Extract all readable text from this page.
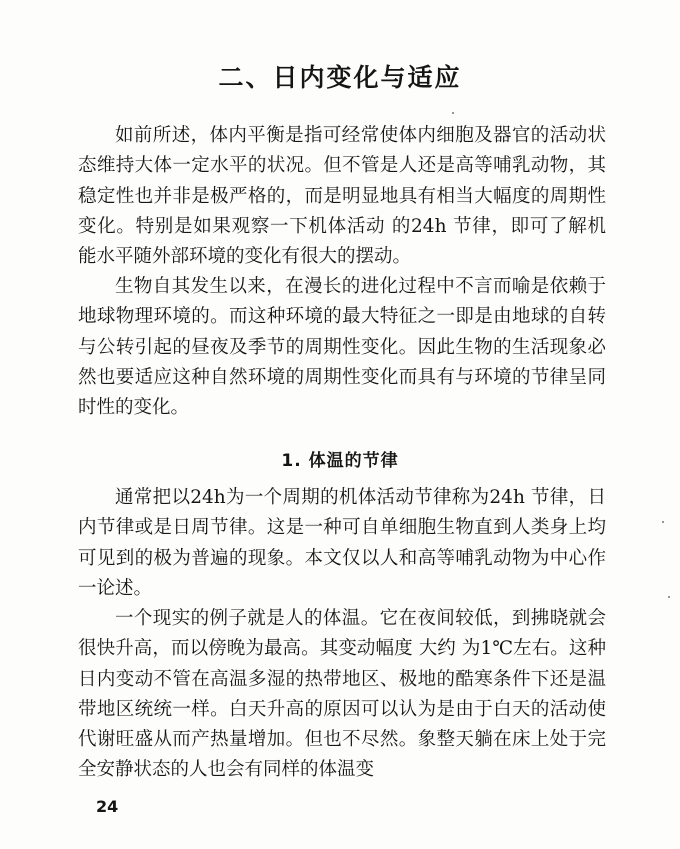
二、日内变化与适应

如前所述，体内平衡是指可经常使体内细胞及器官的活动状态维持大体一定水平的状况。但不管是人还是高等哺乳动物，其稳定性也并非是极严格的，而是明显地具有相当大幅度的周期性变化。特别是如果观察一下机体活动 的24h 节律，即可了解机能水平随外部环境的变化有很大的摆动。

生物自其发生以来，在漫长的进化过程中不言而喻是依赖于地球物理环境的。而这种环境的最大特征之一即是由地球的自转与公转引起的昼夜及季节的周期性变化。因此生物的生活现象必然也要适应这种自然环境的周期性变化而具有与环境的节律呈同时性的变化。

1. 体温的节律

通常把以24h为一个周期的机体活动节律称为24h 节律，日内节律或是日周节律。这是一种可自单细胞生物直到人类身上均可见到的极为普遍的现象。本文仅以人和高等哺乳动物为中心作一论述。

一个现实的例子就是人的体温。它在夜间较低，到拂晓就会很快升高，而以傍晚为最高。其变动幅度 大约 为1℃左右。这种日内变动不管在高温多湿的热带地区、极地的酷寒条件下还是温带地区统统一样。白天升高的原因可以认为是由于白天的活动使代谢旺盛从而产热量增加。但也不尽然。象整天躺在床上处于完全安静状态的人也会有同样的体温变

24
